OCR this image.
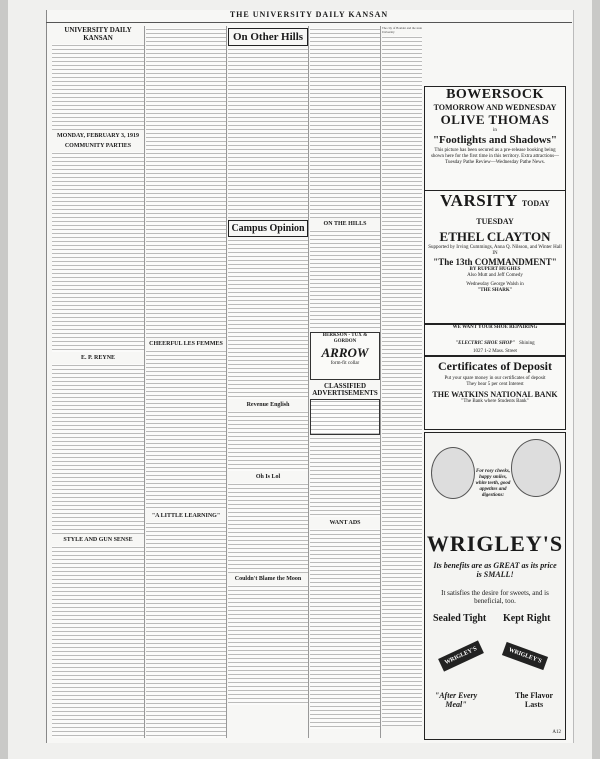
THE UNIVERSITY DAILY KANSAN
UNIVERSITY DAILY KANSAN
MONDAY, FEBRUARY 3, 1919
COMMUNITY PARTIES
E. P. REYNE
STYLE AND GUN SENSE
CHEERFUL LES FEMMES
"A LITTLE LEARNING"
On Other Hills
Campus Opinion
Revenue English
Oh Is Lol
Couldn't Blame the Moon
ON THE HILLS
BERKSON - TUX & GORDON
ARROW
form-fit collar
CLASSIFIED ADVERTISEMENTS
WANT ADS
The city of Boulder and the state University
BOWERSOCK
TOMORROW AND WEDNESDAY
OLIVE THOMAS
in
"Footlights and Shadows"
This picture has been secured as a pre-release booking being shown here for the first time in this territory. Extra attractions—Tuesday Pathe Review—Wednesday Pathe News.
VARSITY TODAY TUESDAY
ETHEL CLAYTON
Supported by Irving Cummings, Anna Q. Nilsson, and Winter Hall
IN
"The 13th COMMANDMENT"
BY RUPERT HUGHES
Also Mutt and Jeff Comedy
Wednesday George Walsh in
"THE SHARK"
WE WANT YOUR SHOE REPAIRING
"ELECTRIC SHOE SHOP" Shining
1027 1-2 Mass. Street
Certificates of Deposit
Put your spare money in our certificates of deposit
They bear 5 per cent Interest
THE WATKINS NATIONAL BANK
"The Bank where Students Bank"
For rosy cheeks, happy smiles, white teeth, good appetites and digestions:
WRIGLEY'S
Its benefits are as GREAT as its price is SMALL!
It satisfies the desire for sweets, and is beneficial, too.
Sealed Tight Kept Right
WRIGLEY'S	WRIGLEY'S
"After Every Meal"
The Flavor Lasts
A12
